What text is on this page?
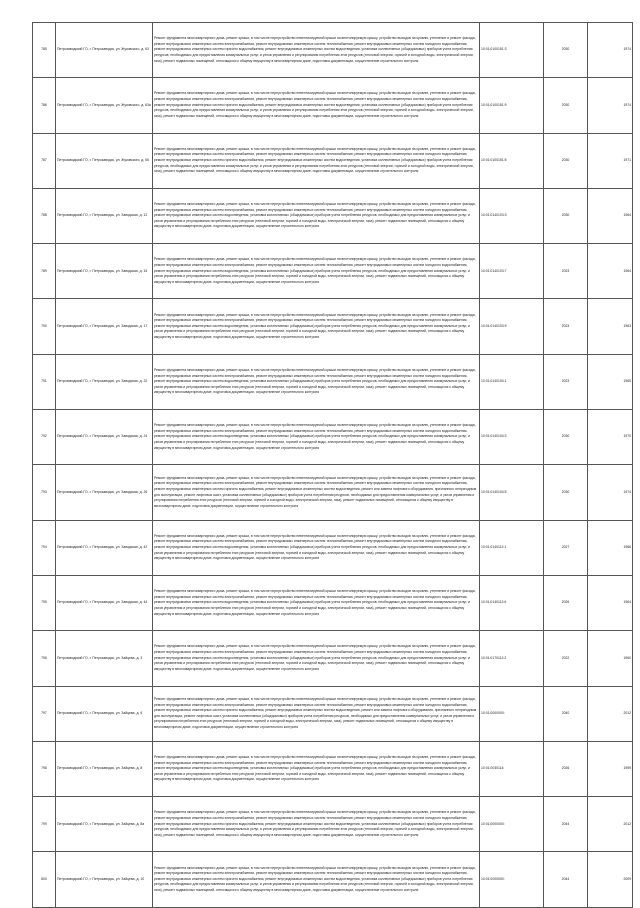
785	Петрозаводский ГО, г. Петрозаводск, ул. Жуковского, д. 63	Ремонт фундамента многоквартирного дома, ремонт крыши, в том числе переустройство невентилируемой крыши на вентилируемую крышу, устройство выходов на кровлю, утепление и ремонт фасада, ремонт внутридомовых инженерных систем электроснабжения, ремонт внутридомовых инженерных систем теплоснабжения, ремонт внутридомовых инженерных систем холодного водоснабжения, ремонт внутридомовых инженерных систем горячего водоснабжения, ремонт внутридомовых инженерных систем водоотведения, установка коллективных (общедомовых) приборов учета потребления ресурсов, необходимых для предоставления коммунальных услуг, и узлов управления и регулирования потребления этих ресурсов (тепловой энергии, горячей и холодной воды, электрической энергии, газа), ремонт подвальных помещений, относящихся к общему имуществу в многоквартирном доме, подготовка документации, осуществление строительного контроля	10:01:0100151:3	2030	1974
786	Петрозаводский ГО, г. Петрозаводск, ул. Жуковского, д. 63а	Ремонт фундамента многоквартирного дома, ремонт крыши, в том числе переустройство невентилируемой крыши на вентилируемую крышу, устройство выходов на кровлю, утепление и ремонт фасада, ремонт внутридомовых инженерных систем электроснабжения, ремонт внутридомовых инженерных систем теплоснабжения, ремонт внутридомовых инженерных систем холодного водоснабжения, ремонт внутридомовых инженерных систем горячего водоснабжения, ремонт внутридомовых инженерных систем водоотведения, установка коллективных (общедомовых) приборов учета потребления ресурсов, необходимых для предоставления коммунальных услуг, и узлов управления и регулирования потребления этих ресурсов (тепловой энергии, горячей и холодной воды, электрической энергии, газа), ремонт подвальных помещений, относящихся к общему имуществу в многоквартирном доме, подготовка документации, осуществление строительного контроля	10:01:0100151:9	2030	1974
787	Петрозаводский ГО, г. Петрозаводск, ул. Жуковского, д. 65	Ремонт фундамента многоквартирного дома, ремонт крыши, в том числе переустройство невентилируемой крыши на вентилируемую крышу, устройство выходов на кровлю, утепление и ремонт фасада, ремонт внутридомовых инженерных систем электроснабжения, ремонт внутридомовых инженерных систем теплоснабжения, ремонт внутридомовых инженерных систем холодного водоснабжения, ремонт внутридомовых инженерных систем горячего водоснабжения, ремонт внутридомовых инженерных систем водоотведения, установка коллективных (общедомовых) приборов учета потребления ресурсов, необходимых для предоставления коммунальных услуг, и узлов управления и регулирования потребления этих ресурсов (тепловой энергии, горячей и холодной воды, электрической энергии, газа), ремонт подвальных помещений, относящихся к общему имуществу в многоквартирном доме, подготовка документации, осуществление строительного контроля	10:01:0100151:5	2030	1971
788	Петрозаводский ГО, г. Петрозаводск, ул. Заводская, д. 12	Ремонт фундамента многоквартирного дома, ремонт крыши, в том числе переустройство невентилируемой крыши на вентилируемую крышу, устройство выходов на кровлю, утепление и ремонт фасада, ремонт внутридомовых инженерных систем электроснабжения, ремонт внутридомовых инженерных систем теплоснабжения, ремонт внутридомовых инженерных систем холодного водоснабжения, ремонт внутридомовых инженерных систем водоотведения, установка коллективных (общедомовых) приборов учета потребления ресурсов, необходимых для предоставления коммунальных услуг, и узлов управления и регулирования потребления этих ресурсов (тепловой энергии, горячей и холодной воды, электрической энергии, газа), ремонт подвальных помещений, относящихся к общему имуществу в многоквартирном доме, подготовка документации, осуществление строительного контроля	10:01:0140103:3	2030	1964
789	Петрозаводский ГО, г. Петрозаводск, ул. Заводская, д. 15	Ремонт фундамента многоквартирного дома, ремонт крыши, в том числе переустройство невентилируемой крыши на вентилируемую крышу, устройство выходов на кровлю, утепление и ремонт фасада, ремонт внутридомовых инженерных систем электроснабжения, ремонт внутридомовых инженерных систем теплоснабжения, ремонт внутридомовых инженерных систем холодного водоснабжения, ремонт внутридомовых инженерных систем водоотведения, установка коллективных (общедомовых) приборов учета потребления ресурсов, необходимых для предоставления коммунальных услуг, и узлов управления и регулирования потребления этих ресурсов (тепловой энергии, горячей и холодной воды, электрической энергии, газа), ремонт подвальных помещений, относящихся к общему имуществу в многоквартирном доме, подготовка документации, осуществление строительного контроля	10:01:0140103:7	2023	1964
790	Петрозаводский ГО, г. Петрозаводск, ул. Заводская, д. 17	Ремонт фундамента многоквартирного дома, ремонт крыши, в том числе переустройство невентилируемой крыши на вентилируемую крышу, устройство выходов на кровлю, утепление и ремонт фасада, ремонт внутридомовых инженерных систем электроснабжения, ремонт внутридомовых инженерных систем теплоснабжения, ремонт внутридомовых инженерных систем холодного водоснабжения, ремонт внутридомовых инженерных систем водоотведения, установка коллективных (общедомовых) приборов учета потребления ресурсов, необходимых для предоставления коммунальных услуг, и узлов управления и регулирования потребления этих ресурсов (тепловой энергии, горячей и холодной воды, электрической энергии, газа), ремонт подвальных помещений, относящихся к общему имуществу в многоквартирном доме, подготовка документации, осуществление строительного контроля	10:01:0140103:9	2023	1963
791	Петрозаводский ГО, г. Петрозаводск, ул. Заводская, д. 22	Ремонт фундамента многоквартирного дома, ремонт крыши, в том числе переустройство невентилируемой крыши на вентилируемую крышу, устройство выходов на кровлю, утепление и ремонт фасада, ремонт внутридомовых инженерных систем электроснабжения, ремонт внутридомовых инженерных систем теплоснабжения, ремонт внутридомовых инженерных систем холодного водоснабжения, ремонт внутридомовых инженерных систем водоотведения, установка коллективных (общедомовых) приборов учета потребления ресурсов, необходимых для предоставления коммунальных услуг, и узлов управления и регулирования потребления этих ресурсов (тепловой энергии, горячей и холодной воды, электрической энергии, газа), ремонт подвальных помещений, относящихся к общему имуществу в многоквартирном доме, подготовка документации, осуществление строительного контроля	10:01:0140104:1	2023	1965
792	Петрозаводский ГО, г. Петрозаводск, ул. Заводская, д. 24	Ремонт фундамента многоквартирного дома, ремонт крыши, в том числе переустройство невентилируемой крыши на вентилируемую крышу, устройство выходов на кровлю, утепление и ремонт фасада, ремонт внутридомовых инженерных систем электроснабжения, ремонт внутридомовых инженерных систем теплоснабжения, ремонт внутридомовых инженерных систем холодного водоснабжения, ремонт внутридомовых инженерных систем водоотведения, установка коллективных (общедомовых) приборов учета потребления ресурсов, необходимых для предоставления коммунальных услуг, и узлов управления и регулирования потребления этих ресурсов (тепловой энергии, горячей и холодной воды, электрической энергии, газа), ремонт подвальных помещений, относящихся к общему имуществу в многоквартирном доме, подготовка документации, осуществление строительного контроля	10:01:0140104:3	2030	1970
793	Петрозаводский ГО, г. Петрозаводск, ул. Заводская, д. 26	Ремонт фундамента многоквартирного дома, ремонт крыши, в том числе переустройство невентилируемой крыши на вентилируемую крышу, устройство выходов на кровлю, утепление и ремонт фасада, ремонт внутридомовых инженерных систем электроснабжения, ремонт внутридомовых инженерных систем теплоснабжения, ремонт внутридомовых инженерных систем холодного водоснабжения, ремонт внутридомовых инженерных систем горячего водоснабжения, ремонт внутридомовых инженерных систем водоотведения, ремонт или замена лифтового оборудования, признанного непригодным для эксплуатации, ремонт лифтовых шахт, установка коллективных (общедомовых) приборов учета потребления ресурсов, необходимых для предоставления коммунальных услуг, и узлов управления и регулирования потребления этих ресурсов (тепловой энергии, горячей и холодной воды, электрической энергии, газа), ремонт подвальных помещений, относящихся к общему имуществу в многоквартирном доме, подготовка документации, осуществление строительного контроля	10:01:0140104:5	2030	1974
794	Петрозаводский ГО, г. Петрозаводск, ул. Заводская, д. 42	Ремонт фундамента многоквартирного дома, ремонт крыши, в том числе переустройство невентилируемой крыши на вентилируемую крышу, устройство выходов на кровлю, утепление и ремонт фасада, ремонт внутридомовых инженерных систем электроснабжения, ремонт внутридомовых инженерных систем теплоснабжения, ремонт внутридомовых инженерных систем холодного водоснабжения, ремонт внутридомовых инженерных систем водоотведения, установка коллективных (общедомовых) приборов учета потребления ресурсов, необходимых для предоставления коммунальных услуг, и узлов управления и регулирования потребления этих ресурсов (тепловой энергии, горячей и холодной воды, электрической энергии, газа), ремонт подвальных помещений, относящихся к общему имуществу в многоквартирном доме, подготовка документации, осуществление строительного контроля	10:01:0140112:1	2027	1966
795	Петрозаводский ГО, г. Петрозаводск, ул. Заводская, д. 44	Ремонт фундамента многоквартирного дома, ремонт крыши, в том числе переустройство невентилируемой крыши на вентилируемую крышу, устройство выходов на кровлю, утепление и ремонт фасада, ремонт внутридомовых инженерных систем электроснабжения, ремонт внутридомовых инженерных систем теплоснабжения, ремонт внутридомовых инженерных систем холодного водоснабжения, ремонт внутридомовых инженерных систем водоотведения, установка коллективных (общедомовых) приборов учета потребления ресурсов, необходимых для предоставления коммунальных услуг, и узлов управления и регулирования потребления этих ресурсов (тепловой энергии, горячей и холодной воды, электрической энергии, газа), ремонт подвальных помещений, относящихся к общему имуществу в многоквартирном доме, подготовка документации, осуществление строительного контроля	10:01:0140112:6	2026	1964
796	Петрозаводский ГО, г. Петрозаводск, ул. Зайцева, д. 3	Ремонт фундамента многоквартирного дома, ремонт крыши, в том числе переустройство невентилируемой крыши на вентилируемую крышу, устройство выходов на кровлю, утепление и ремонт фасада, ремонт внутридомовых инженерных систем электроснабжения, ремонт внутридомовых инженерных систем теплоснабжения, ремонт внутридомовых инженерных систем холодного водоснабжения, ремонт внутридомовых инженерных систем водоотведения, установка коллективных (общедомовых) приборов учета потребления ресурсов, необходимых для предоставления коммунальных услуг, и узлов управления и регулирования потребления этих ресурсов (тепловой энергии, горячей и холодной воды, электрической энергии, газа), ремонт подвальных помещений, относящихся к общему имуществу в многоквартирном доме, подготовка документации, осуществление строительного контроля	10:01:0170112:2	2022	1960
797	Петрозаводский ГО, г. Петрозаводск, ул. Зайцева, д. 6	Ремонт фундамента многоквартирного дома, ремонт крыши, в том числе переустройство невентилируемой крыши на вентилируемую крышу, устройство выходов на кровлю, утепление и ремонт фасада, ремонт внутридомовых инженерных систем электроснабжения, ремонт внутридомовых инженерных систем теплоснабжения, ремонт внутридомовых инженерных систем холодного водоснабжения, ремонт внутридомовых инженерных систем горячего водоснабжения, ремонт внутридомовых инженерных систем водоотведения, ремонт или замена лифтового оборудования, признанного непригодным для эксплуатации, ремонт лифтовых шахт, установка коллективных (общедомовых) приборов учета потребления ресурсов, необходимых для предоставления коммунальных услуг, и узлов управления и регулирования потребления этих ресурсов (тепловой энергии, горячей и холодной воды, электрической энергии, газа), ремонт подвальных помещений, относящихся к общему имуществу в многоквартирном доме, подготовка документации, осуществление строительного контроля	10:01:0000000:	2040	2012
798	Петрозаводский ГО, г. Петрозаводск, ул. Зайцева, д. 8	Ремонт фундамента многоквартирного дома, ремонт крыши, в том числе переустройство невентилируемой крыши на вентилируемую крышу, устройство выходов на кровлю, утепление и ремонт фасада, ремонт внутридомовых инженерных систем электроснабжения, ремонт внутридомовых инженерных систем теплоснабжения, ремонт внутридомовых инженерных систем холодного водоснабжения, ремонт внутридомовых инженерных систем водоотведения, установка коллективных (общедомовых) приборов учета потребления ресурсов, необходимых для предоставления коммунальных услуг, и узлов управления и регулирования потребления этих ресурсов (тепловой энергии, горячей и холодной воды, электрической энергии, газа), ремонт подвальных помещений, относящихся к общему имуществу в многоквартирном доме, подготовка документации, осуществление строительного контроля	10:01:0030114:	2026	1959
799	Петрозаводский ГО, г. Петрозаводск, ул. Зайцева, д. 8а	Ремонт фундамента многоквартирного дома, ремонт крыши, в том числе переустройство невентилируемой крыши на вентилируемую крышу, устройство выходов на кровлю, утепление и ремонт фасада, ремонт внутридомовых инженерных систем электроснабжения, ремонт внутридомовых инженерных систем теплоснабжения, ремонт внутридомовых инженерных систем холодного водоснабжения, ремонт внутридомовых инженерных систем горячего водоснабжения, ремонт внутридомовых инженерных систем водоотведения, установка коллективных (общедомовых) приборов учета потребления ресурсов, необходимых для предоставления коммунальных услуг, и узлов управления и регулирования потребления этих ресурсов (тепловой энергии, горячей и холодной воды, электрической энергии, газа), ремонт подвальных помещений, относящихся к общему имуществу в многоквартирном доме, подготовка документации, осуществление строительного контроля	10:01:0000000:	2044	2012
800	Петрозаводский ГО, г. Петрозаводск, ул. Зайцева, д. 10	Ремонт фундамента многоквартирного дома, ремонт крыши, в том числе переустройство невентилируемой крыши на вентилируемую крышу, устройство выходов на кровлю, утепление и ремонт фасада, ремонт внутридомовых инженерных систем электроснабжения, ремонт внутридомовых инженерных систем теплоснабжения, ремонт внутридомовых инженерных систем холодного водоснабжения, ремонт внутридомовых инженерных систем горячего водоснабжения, ремонт внутридомовых инженерных систем водоотведения, установка коллективных (общедомовых) приборов учета потребления ресурсов, необходимых для предоставления коммунальных услуг, и узлов управления и регулирования потребления этих ресурсов (тепловой энергии, горячей и холодной воды, электрической энергии, газа), ремонт подвальных помещений, относящихся к общему имуществу в многоквартирном доме, подготовка документации, осуществление строительного контроля	10:01:0000000:	2044	2009
